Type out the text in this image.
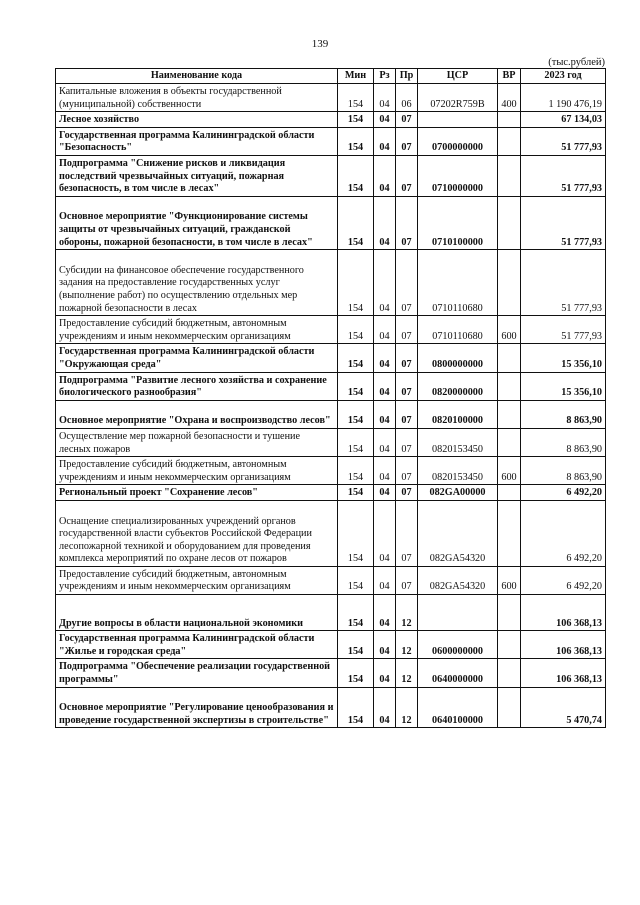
139
(тыс.рублей)
Наименование кода	Мин	Рз	Пр	ЦСР	ВР	2023 год
Капитальные вложения в объекты государственной (муниципальной) собственности	154	04	06	07202R759B	400	1 190 476,19
Лесное хозяйство	154	04	07			67 134,03
Государственная программа Калининградской области "Безопасность"	154	04	07	0700000000		51 777,93
Подпрограмма "Снижение рисков и ликвидация последствий чрезвычайных ситуаций, пожарная безопасность, в том числе в лесах"	154	04	07	0710000000		51 777,93
Основное мероприятие "Функционирование системы защиты от чрезвычайных ситуаций, гражданской обороны, пожарной безопасности, в том числе в лесах"	154	04	07	0710100000		51 777,93
Субсидии на финансовое обеспечение государственного задания на предоставление государственных услуг (выполнение работ) по осуществлению отдельных мер пожарной безопасности в лесах	154	04	07	0710110680		51 777,93
Предоставление субсидий бюджетным, автономным учреждениям и иным некоммерческим организациям	154	04	07	0710110680	600	51 777,93
Государственная программа Калининградской области "Окружающая среда"	154	04	07	0800000000		15 356,10
Подпрограмма "Развитие лесного хозяйства и сохранение биологического разнообразия"	154	04	07	0820000000		15 356,10
Основное мероприятие "Охрана и воспроизводство лесов"	154	04	07	0820100000		8 863,90
Осуществление мер пожарной безопасности и тушение лесных пожаров	154	04	07	0820153450		8 863,90
Предоставление субсидий бюджетным, автономным учреждениям и иным некоммерческим организациям	154	04	07	0820153450	600	8 863,90
Региональный проект "Сохранение лесов"	154	04	07	082GA00000		6 492,20
Оснащение специализированных учреждений органов государственной власти субъектов Российской Федерации лесопожарной техникой и оборудованием для проведения комплекса мероприятий по охране лесов от пожаров	154	04	07	082GA54320		6 492,20
Предоставление субсидий бюджетным, автономным учреждениям и иным некоммерческим организациям	154	04	07	082GA54320	600	6 492,20
Другие вопросы в области национальной экономики	154	04	12			106 368,13
Государственная программа Калининградской области "Жилье и городская среда"	154	04	12	0600000000		106 368,13
Подпрограмма "Обеспечение реализации государственной программы"	154	04	12	0640000000		106 368,13
Основное мероприятие "Регулирование ценообразования и проведение государственной экспертизы в строительстве"	154	04	12	0640100000		5 470,74
